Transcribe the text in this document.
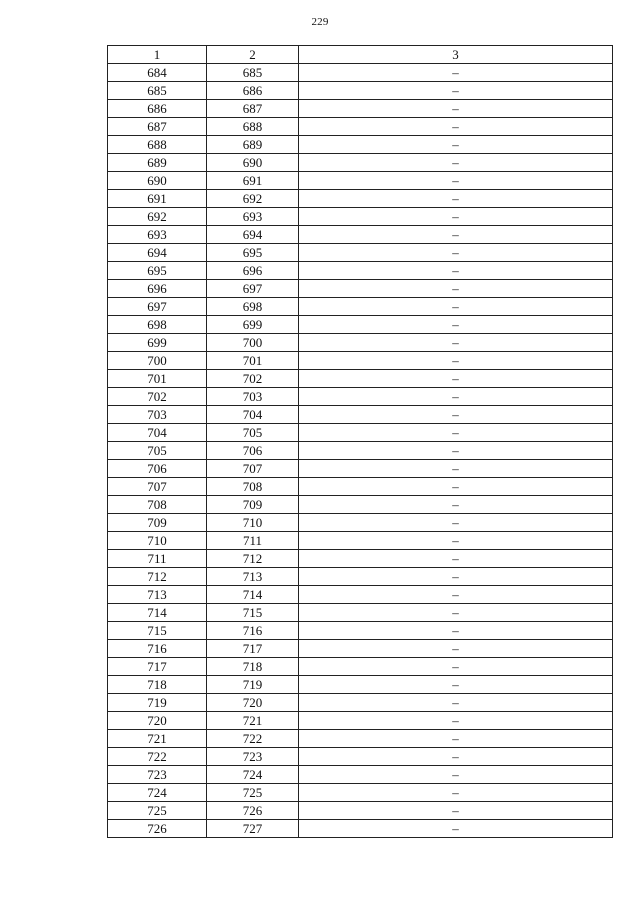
229
1	2	3
684	685	–
685	686	–
686	687	–
687	688	–
688	689	–
689	690	–
690	691	–
691	692	–
692	693	–
693	694	–
694	695	–
695	696	–
696	697	–
697	698	–
698	699	–
699	700	–
700	701	–
701	702	–
702	703	–
703	704	–
704	705	–
705	706	–
706	707	–
707	708	–
708	709	–
709	710	–
710	711	–
711	712	–
712	713	–
713	714	–
714	715	–
715	716	–
716	717	–
717	718	–
718	719	–
719	720	–
720	721	–
721	722	–
722	723	–
723	724	–
724	725	–
725	726	–
726	727	–
